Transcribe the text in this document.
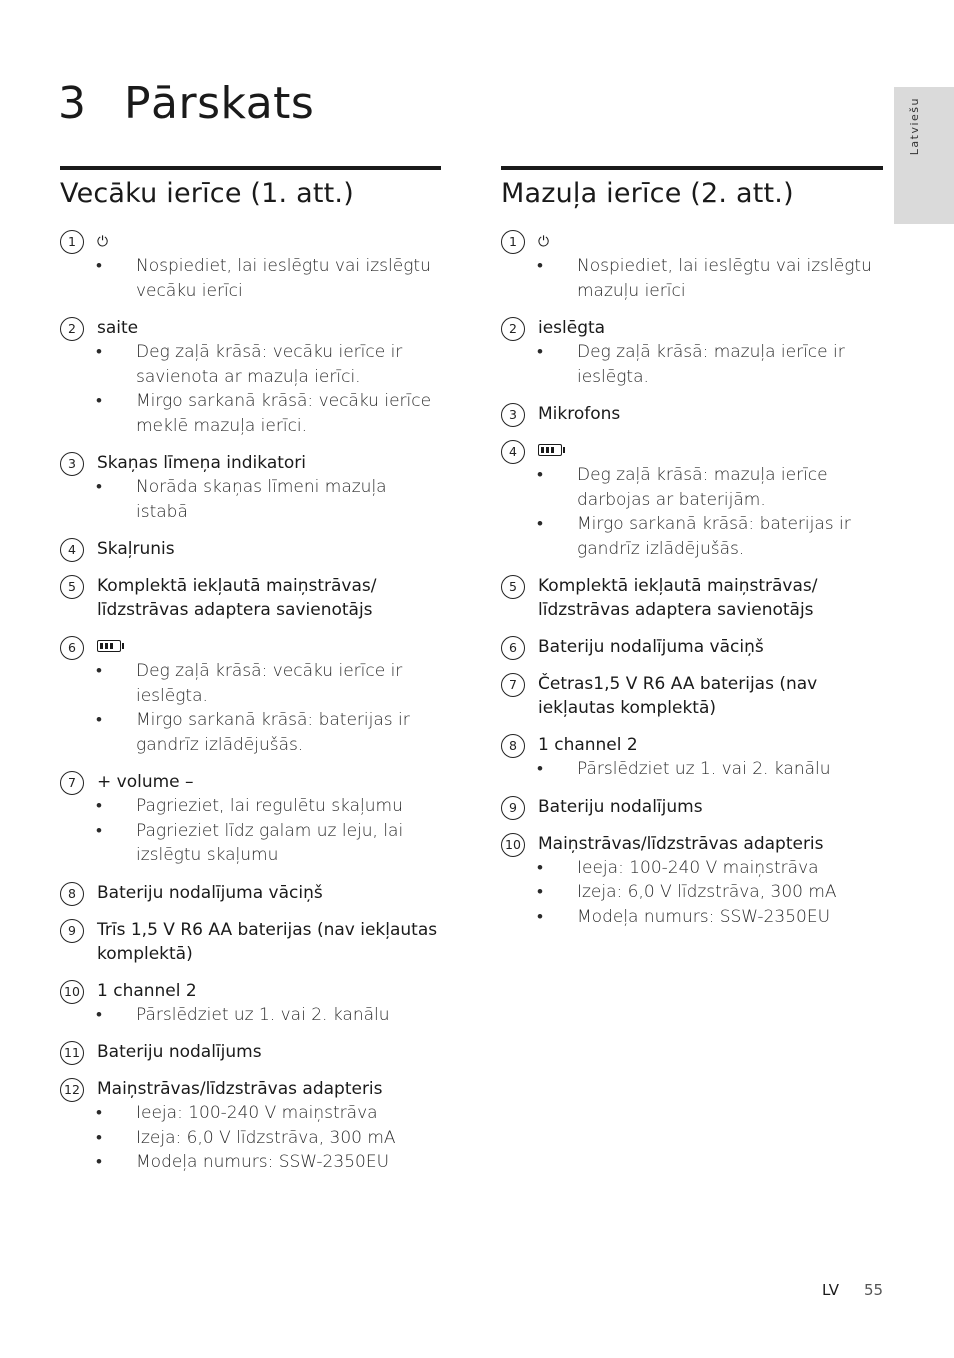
3 Pārskats	Latviešu
Vecāku ierīce (1. att.)
1	⏻
• Nospiediet, lai ieslēgtu vai izslēgtu vecāku ierīci
2	saite
• Deg zaļā krāsā: vecāku ierīce ir savienota ar mazuļa ierīci.
• Mirgo sarkanā krāsā: vecāku ierīce meklē mazuļa ierīci.
3	Skaņas līmeņa indikatori
• Norāda skaņas līmeni mazuļa istabā
4	Skaļrunis
5	Komplektā iekļautā maiņstrāvas/ līdzstrāvas adaptera savienotājs
6
• Deg zaļā krāsā: vecāku ierīce ir ieslēgta.
• Mirgo sarkanā krāsā: baterijas ir gandrīz izlādējušās.
7	+ volume –
• Pagrieziet, lai regulētu skaļumu
• Pagrieziet līdz galam uz leju, lai izslēgtu skaļumu
8	Bateriju nodalījuma vāciņš
9	Trīs 1,5 V R6 AA baterijas (nav iekļautas komplektā)
10 1 channel 2
• Pārslēdziet uz 1. vai 2. kanālu
11 Bateriju nodalījums
12 Maiņstrāvas/līdzstrāvas adapteris
• Ieeja: 100-240 V maiņstrāva
• Izeja: 6,0 V līdzstrāva, 300 mA
• Modeļa numurs: SSW-2350EU
Mazuļa ierīce (2. att.)
1	⏻
• Nospiediet, lai ieslēgtu vai izslēgtu mazuļu ierīci
2	ieslēgta
• Deg zaļā krāsā: mazuļa ierīce ir ieslēgta.
3	Mikrofons
4
• Deg zaļā krāsā: mazuļa ierīce darbojas ar baterijām.
• Mirgo sarkanā krāsā: baterijas ir gandrīz izlādējušās.
5	Komplektā iekļautā maiņstrāvas/ līdzstrāvas adaptera savienotājs
6	Bateriju nodalījuma vāciņš
7	Četras1,5 V R6 AA baterijas (nav iekļautas komplektā)
8	1 channel 2
• Pārslēdziet uz 1. vai 2. kanālu
9	Bateriju nodalījums
10 Maiņstrāvas/līdzstrāvas adapteris
• Ieeja: 100-240 V maiņstrāva
• Izeja: 6,0 V līdzstrāva, 300 mA
• Modeļa numurs: SSW-2350EU
LV 55
